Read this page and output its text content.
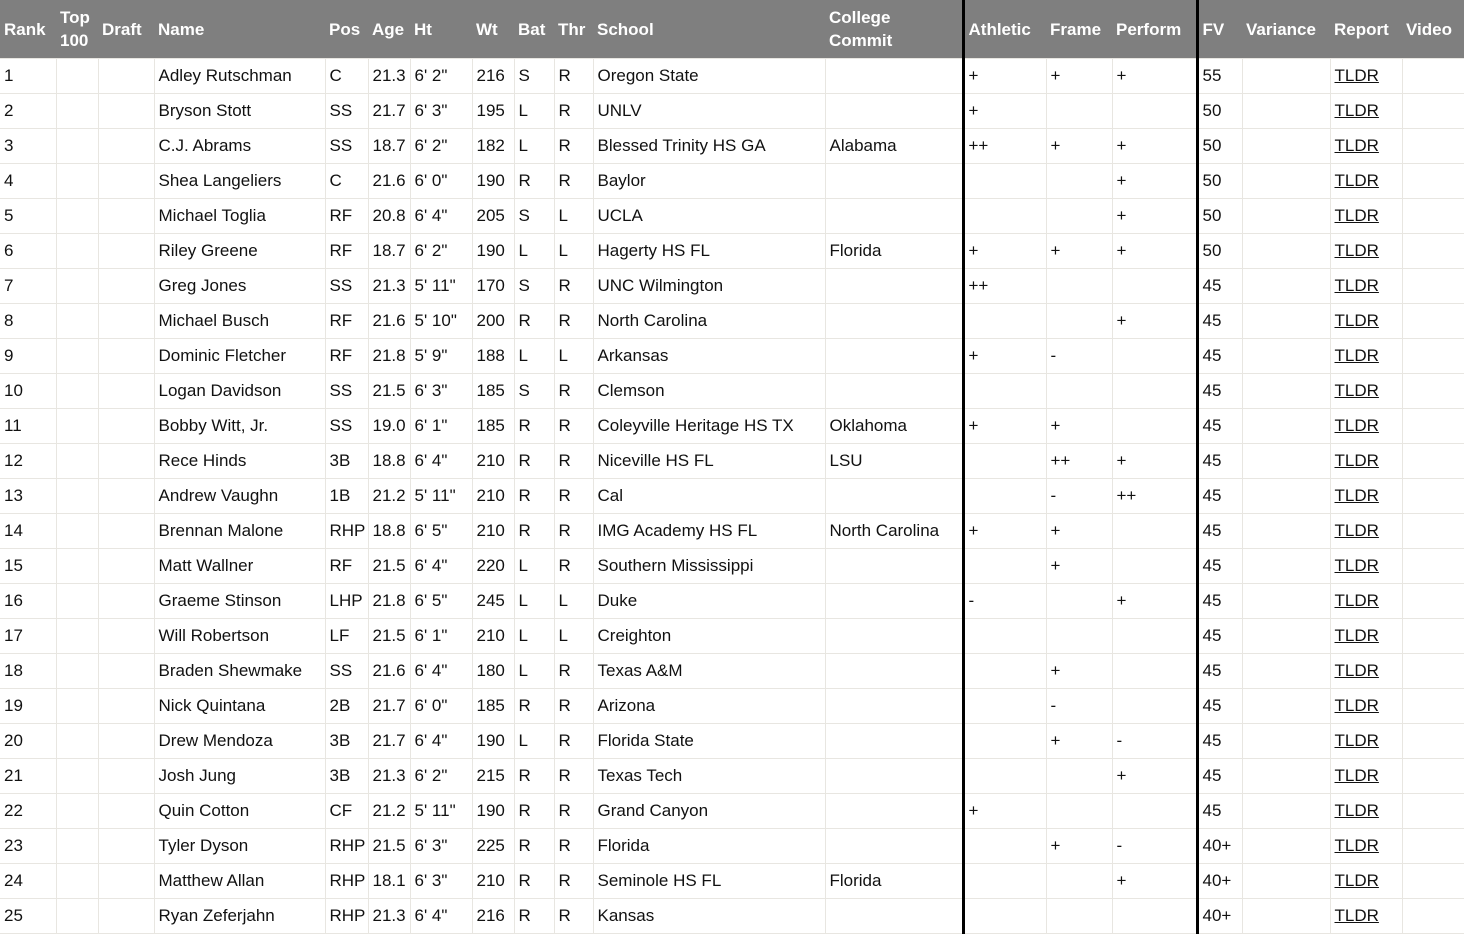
Rank	Top 100	Draft	Name	Pos	Age	Ht	Wt	Bat	Thr	School	College Commit	Athletic	Frame	Perform	FV	Variance	Report	Video
1			Adley Rutschman	C	21.3	6' 2"	216	S	R	Oregon State		+	+	+	55		TLDR	
2			Bryson Stott	SS	21.7	6' 3"	195	L	R	UNLV		+			50		TLDR	
3			C.J. Abrams	SS	18.7	6' 2"	182	L	R	Blessed Trinity HS GA	Alabama	++	+	+	50		TLDR	
4			Shea Langeliers	C	21.6	6' 0"	190	R	R	Baylor				+	50		TLDR	
5			Michael Toglia	RF	20.8	6' 4"	205	S	L	UCLA				+	50		TLDR	
6			Riley Greene	RF	18.7	6' 2"	190	L	L	Hagerty HS FL	Florida	+	+	+	50		TLDR	
7			Greg Jones	SS	21.3	5' 11"	170	S	R	UNC Wilmington		++			45		TLDR	
8			Michael Busch	RF	21.6	5' 10"	200	R	R	North Carolina				+	45		TLDR	
9			Dominic Fletcher	RF	21.8	5' 9"	188	L	L	Arkansas		+	-		45		TLDR	
10			Logan Davidson	SS	21.5	6' 3"	185	S	R	Clemson					45		TLDR	
11			Bobby Witt, Jr.	SS	19.0	6' 1"	185	R	R	Coleyville Heritage HS TX	Oklahoma	+	+		45		TLDR	
12			Rece Hinds	3B	18.8	6' 4"	210	R	R	Niceville HS FL	LSU		++	+	45		TLDR	
13			Andrew Vaughn	1B	21.2	5' 11"	210	R	R	Cal			-	++	45		TLDR	
14			Brennan Malone	RHP	18.8	6' 5"	210	R	R	IMG Academy HS FL	North Carolina	+	+		45		TLDR	
15			Matt Wallner	RF	21.5	6' 4"	220	L	R	Southern Mississippi			+		45		TLDR	
16			Graeme Stinson	LHP	21.8	6' 5"	245	L	L	Duke		-		+	45		TLDR	
17			Will Robertson	LF	21.5	6' 1"	210	L	L	Creighton					45		TLDR	
18			Braden Shewmake	SS	21.6	6' 4"	180	L	R	Texas A&M			+		45		TLDR	
19			Nick Quintana	2B	21.7	6' 0"	185	R	R	Arizona			-		45		TLDR	
20			Drew Mendoza	3B	21.7	6' 4"	190	L	R	Florida State			+	-	45		TLDR	
21			Josh Jung	3B	21.3	6' 2"	215	R	R	Texas Tech				+	45		TLDR	
22			Quin Cotton	CF	21.2	5' 11"	190	R	R	Grand Canyon		+			45		TLDR	
23			Tyler Dyson	RHP	21.5	6' 3"	225	R	R	Florida			+	-	40+		TLDR	
24			Matthew Allan	RHP	18.1	6' 3"	210	R	R	Seminole HS FL	Florida			+	40+		TLDR	
25			Ryan Zeferjahn	RHP	21.3	6' 4"	216	R	R	Kansas					40+		TLDR	
